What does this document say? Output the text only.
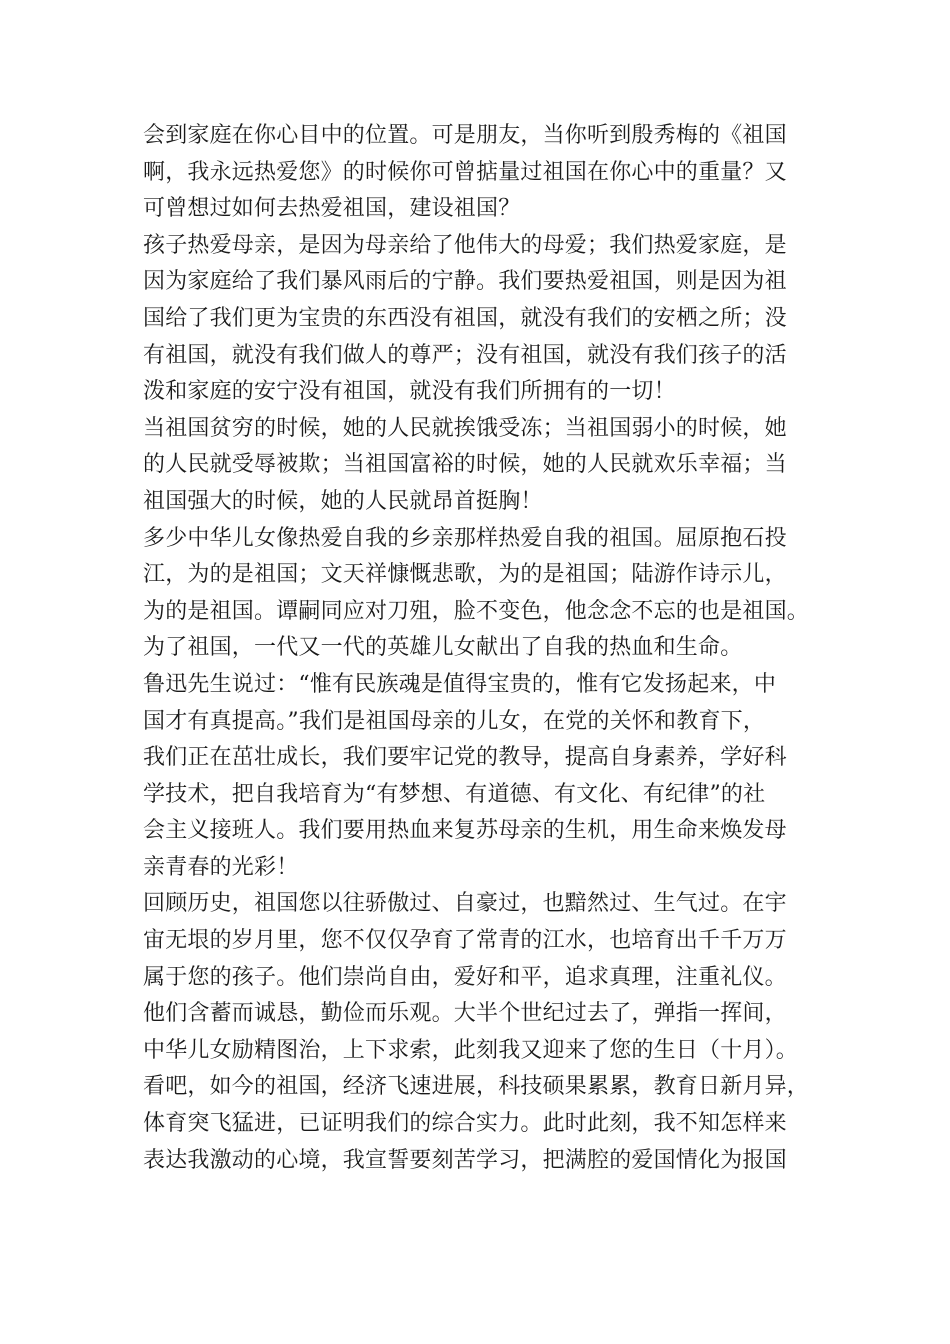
会到家庭在你心目中的位置。可是朋友，当你听到殷秀梅的《祖国
啊，我永远热爱您》的时候你可曾掂量过祖国在你心中的重量？又
可曾想过如何去热爱祖国，建设祖国？
孩子热爱母亲，是因为母亲给了他伟大的母爱；我们热爱家庭，是
因为家庭给了我们暴风雨后的宁静。我们要热爱祖国，则是因为祖
国给了我们更为宝贵的东西没有祖国，就没有我们的安栖之所；没
有祖国，就没有我们做人的尊严；没有祖国，就没有我们孩子的活
泼和家庭的安宁没有祖国，就没有我们所拥有的一切！
当祖国贫穷的时候，她的人民就挨饿受冻；当祖国弱小的时候，她
的人民就受辱被欺；当祖国富裕的时候，她的人民就欢乐幸福；当
祖国强大的时候，她的人民就昂首挺胸！
多少中华儿女像热爱自我的乡亲那样热爱自我的祖国。屈原抱石投
江，为的是祖国；文天祥慷慨悲歌，为的是祖国；陆游作诗示儿，
为的是祖国。谭嗣同应对刀殂，脸不变色，他念念不忘的也是祖国。
为了祖国，一代又一代的英雄儿女献出了自我的热血和生命。
鲁迅先生说过：“惟有民族魂是值得宝贵的，惟有它发扬起来，中
国才有真提高。”我们是祖国母亲的儿女，在党的关怀和教育下，
我们正在茁壮成长，我们要牢记党的教导，提高自身素养，学好科
学技术，把自我培育为“有梦想、有道德、有文化、有纪律”的社
会主义接班人。我们要用热血来复苏母亲的生机，用生命来焕发母
亲青春的光彩！
回顾历史，祖国您以往骄傲过、自豪过，也黯然过、生气过。在宇
宙无垠的岁月里，您不仅仅孕育了常青的江水，也培育出千千万万
属于您的孩子。他们崇尚自由，爱好和平，追求真理，注重礼仪。
他们含蓄而诚恳，勤俭而乐观。大半个世纪过去了，弹指一挥间，
中华儿女励精图治，上下求索，此刻我又迎来了您的生日（十月）。
看吧，如今的祖国，经济飞速进展，科技硕果累累，教育日新月异，
体育突飞猛进，已证明我们的综合实力。此时此刻，我不知怎样来
表达我激动的心境，我宣誓要刻苦学习，把满腔的爱国情化为报国
